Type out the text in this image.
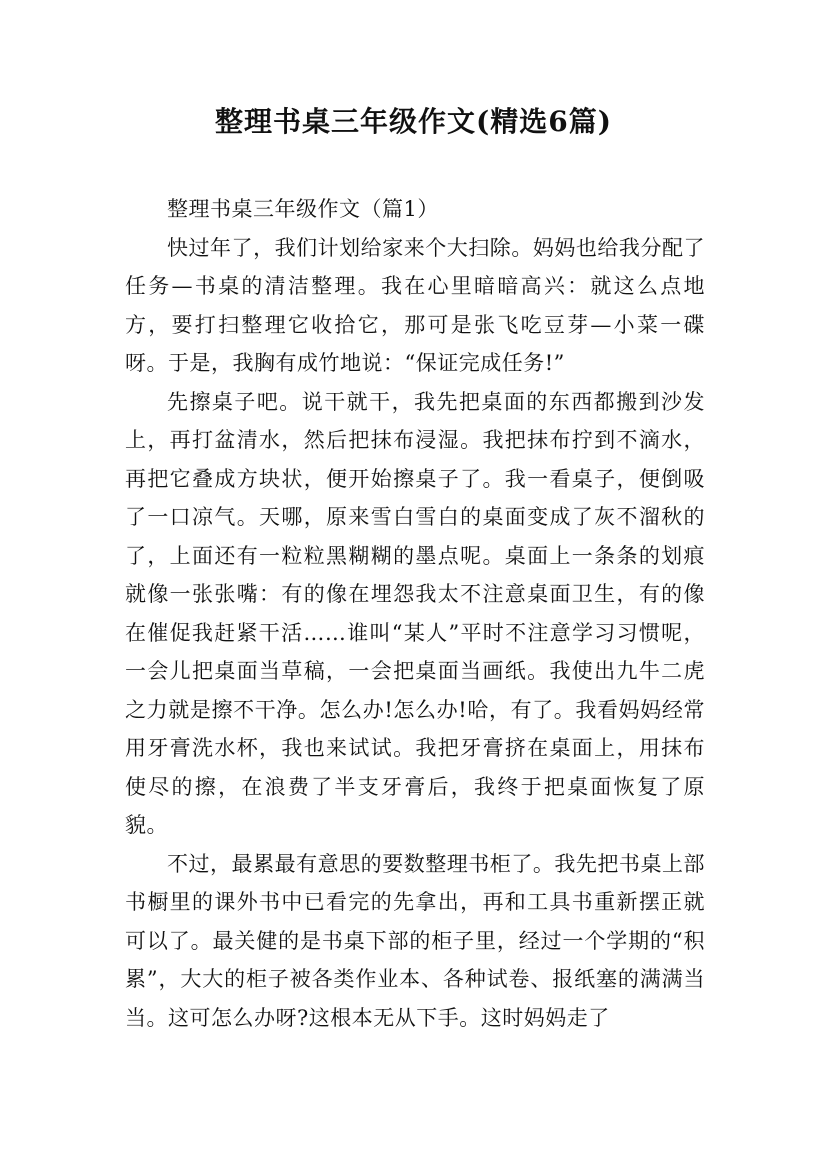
整理书桌三年级作文(精选6篇)

整理书桌三年级作文（篇1）

快过年了，我们计划给家来个大扫除。妈妈也给我分配了任务—书桌的清洁整理。我在心里暗暗高兴：就这么点地方，要打扫整理它收拾它，那可是张飞吃豆芽—小菜一碟呀。于是，我胸有成竹地说：“保证完成任务!”

先擦桌子吧。说干就干，我先把桌面的东西都搬到沙发上，再打盆清水，然后把抹布浸湿。我把抹布拧到不滴水，再把它叠成方块状，便开始擦桌子了。我一看桌子，便倒吸了一口凉气。天哪，原来雪白雪白的桌面变成了灰不溜秋的了，上面还有一粒粒黑糊糊的墨点呢。桌面上一条条的划痕就像一张张嘴：有的像在埋怨我太不注意桌面卫生，有的像在催促我赶紧干活……谁叫“某人”平时不注意学习习惯呢，一会儿把桌面当草稿，一会把桌面当画纸。我使出九牛二虎之力就是擦不干净。怎么办!怎么办!哈，有了。我看妈妈经常用牙膏洗水杯，我也来试试。我把牙膏挤在桌面上，用抹布使尽的擦，在浪费了半支牙膏后，我终于把桌面恢复了原貌。

不过，最累最有意思的要数整理书柜了。我先把书桌上部书橱里的课外书中已看完的先拿出，再和工具书重新摆正就可以了。最关健的是书桌下部的柜子里，经过一个学期的“积累”，大大的柜子被各类作业本、各种试卷、报纸塞的满满当当。这可怎么办呀?这根本无从下手。这时妈妈走了
